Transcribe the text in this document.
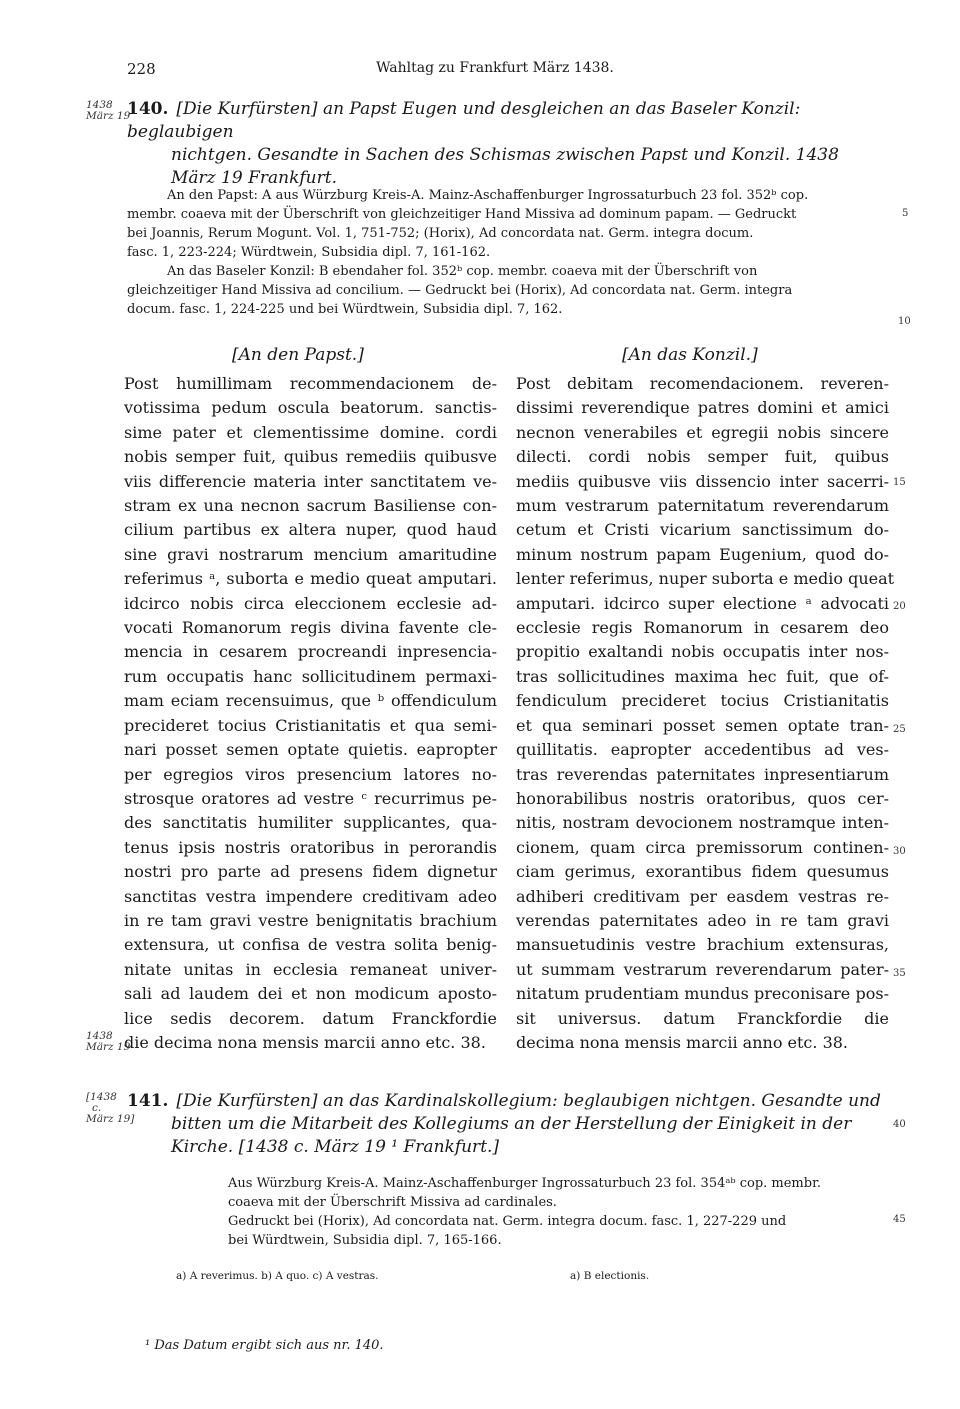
228	Wahltag zu Frankfurt März 1438.
1438
März 19
140. [Die Kurfürsten] an Papst Eugen und desgleichen an das Baseler Konzil: beglaubigen
nichtgen. Gesandte in Sachen des Schismas zwischen Papst und Konzil. 1438
März 19 Frankfurt.
An den Papst: A aus Würzburg Kreis-A. Mainz-Aschaffenburger Ingrossaturbuch 23 fol. 352ᵇ cop.
membr. coaeva mit der Überschrift von gleichzeitiger Hand Missiva ad dominum papam. — Gedruckt
bei Joannis, Rerum Mogunt. Vol. 1, 751-752; (Horix), Ad concordata nat. Germ. integra docum.
fasc. 1, 223-224; Würdtwein, Subsidia dipl. 7, 161-162.
An das Baseler Konzil: B ebendaher fol. 352ᵇ cop. membr. coaeva mit der Überschrift von
gleichzeitiger Hand Missiva ad concilium. — Gedruckt bei (Horix), Ad concordata nat. Germ. integra
docum. fasc. 1, 224-225 und bei Würdtwein, Subsidia dipl. 7, 162.
[An den Papst.]	[An das Konzil.]
Post humillimam recommendacionem de-
votissima pedum oscula beatorum. sanctis-
sime pater et clementissime domine. cordi
nobis semper fuit, quibus remediis quibusve
viis differencie materia inter sanctitatem ve-
stram ex una necnon sacrum Basiliense con-
cilium partibus ex altera nuper, quod haud
sine gravi nostrarum mencium amaritudine
referimus ᵃ, suborta e medio queat amputari.
idcirco nobis circa eleccionem ecclesie ad-
vocati Romanorum regis divina favente cle-
mencia in cesarem procreandi inpresencia-
rum occupatis hanc sollicitudinem permaxi-
mam eciam recensuimus, que ᵇ offendiculum
precideret tocius Cristianitatis et qua semi-
nari posset semen optate quietis. eapropter
per egregios viros presencium latores no-
strosque oratores ad vestre ᶜ recurrimus pe-
des sanctitatis humiliter supplicantes, qua-
tenus ipsis nostris oratoribus in perorandis
nostri pro parte ad presens fidem dignetur
sanctitas vestra impendere creditivam adeo
in re tam gravi vestre benignitatis brachium
extensura, ut confisa de vestra solita benig-
nitate unitas in ecclesia remaneat univer-
sali ad laudem dei et non modicum aposto-
lice sedis decorem. datum Franckfordie
die decima nona mensis marcii anno etc. 38.
Post debitam recomendacionem. reveren-
dissimi reverendique patres domini et amici
necnon venerabiles et egregii nobis sincere
dilecti. cordi nobis semper fuit, quibus
mediis quibusve viis dissencio inter sacerri-
mum vestrarum paternitatum reverendarum
cetum et Cristi vicarium sanctissimum do-
minum nostrum papam Eugenium, quod do-
lenter referimus, nuper suborta e medio queat
amputari. idcirco super electione ᵃ advocati
ecclesie regis Romanorum in cesarem deo
propitio exaltandi nobis occupatis inter nos-
tras sollicitudines maxima hec fuit, que of-
fendiculum precideret tocius Cristianitatis
et qua seminari posset semen optate tran-
quillitatis. eapropter accedentibus ad ves-
tras reverendas paternitates inpresentiarum
honorabilibus nostris oratoribus, quos cer-
nitis, nostram devocionem nostramque inten-
cionem, quam circa premissorum continen-
ciam gerimus, exorantibus fidem quesumus
adhiberi creditivam per easdem vestras re-
verendas paternitates adeo in re tam gravi
mansuetudinis vestre brachium extensuras,
ut summam vestrarum reverendarum pater-
nitatum prudentiam mundus preconisare pos-
sit universus. datum Franckfordie die
decima nona mensis marcii anno etc. 38.
1438
März 19
[1438
c.
März 19]
141. [Die Kurfürsten] an das Kardinalskollegium: beglaubigen nichtgen. Gesandte und
bitten um die Mitarbeit des Kollegiums an der Herstellung der Einigkeit in der
Kirche. [1438 c. März 19 ¹ Frankfurt.]
Aus Würzburg Kreis-A. Mainz-Aschaffenburger Ingrossaturbuch 23 fol. 354ᵃᵇ cop. membr.
coaeva mit der Überschrift Missiva ad cardinales.
Gedruckt bei (Horix), Ad concordata nat. Germ. integra docum. fasc. 1, 227-229 und
bei Würdtwein, Subsidia dipl. 7, 165-166.
a) A reverimus. b) A quo. c) A vestras.	a) B electionis.
¹ Das Datum ergibt sich aus nr. 140.
5
10
15
20
25
30
35
40
45
